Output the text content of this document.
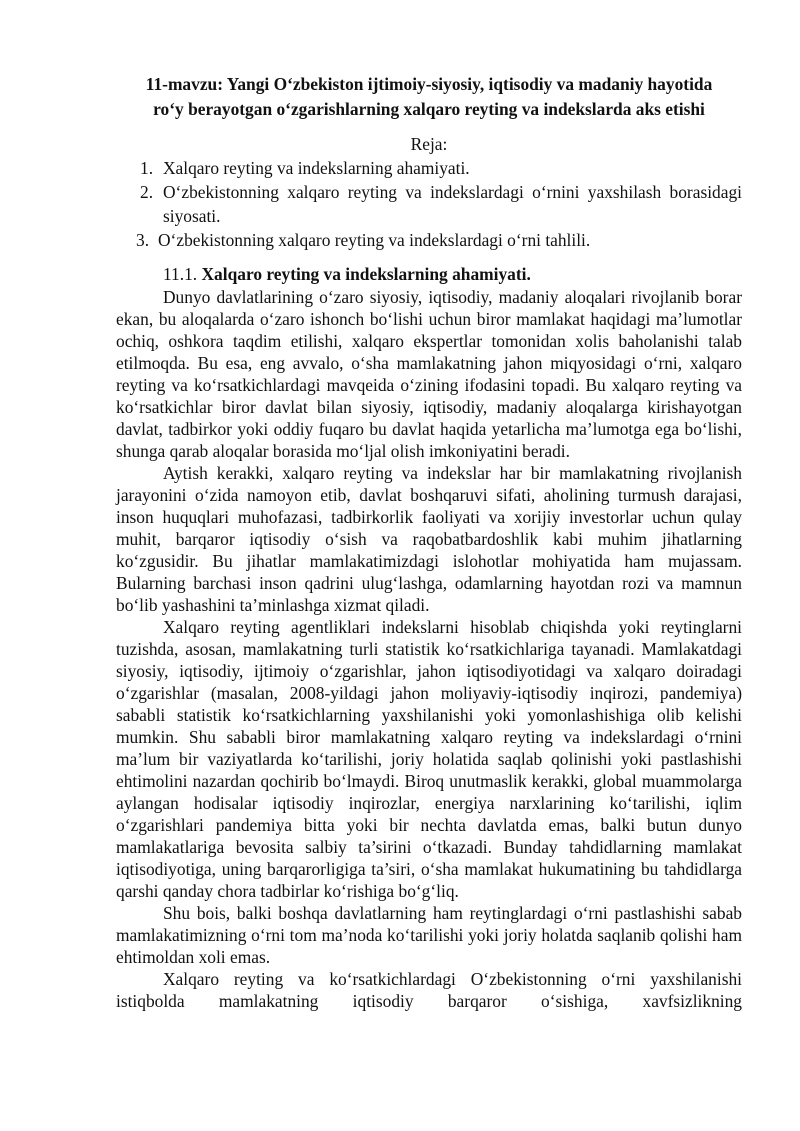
11-mavzu: Yangi O‘zbekiston ijtimoiy-siyosiy, iqtisodiy va madaniy hayotida
ro‘y berayotgan o‘zgarishlarning xalqaro reyting va indekslarda aks etishi
Reja:
1. Xalqaro reyting va indekslarning ahamiyati.
2. O‘zbekistonning xalqaro reyting va indekslardagi o‘rnini yaxshilash borasidagi siyosati.
3. O‘zbekistonning xalqaro reyting va indekslardagi o‘rni tahlili.
11.1. Xalqaro reyting va indekslarning ahamiyati.

Dunyo davlatlarining o‘zaro siyosiy, iqtisodiy, madaniy aloqalari rivojlanib borar ekan, bu aloqalarda o‘zaro ishonch bo‘lishi uchun biror mamlakat haqidagi ma’lumotlar ochiq, oshkora taqdim etilishi, xalqaro ekspertlar tomonidan xolis baholanishi talab etilmoqda. Bu esa, eng avvalo, o‘sha mamlakatning jahon miqyosidagi o‘rni, xalqaro reyting va ko‘rsatkichlardagi mavqeida o‘zining ifodasini topadi. Bu xalqaro reyting va ko‘rsatkichlar biror davlat bilan siyosiy, iqtisodiy, madaniy aloqalarga kirishayotgan davlat, tadbirkor yoki oddiy fuqaro bu davlat haqida yetarlicha ma’lumotga ega bo‘lishi, shunga qarab aloqalar borasida mo‘ljal olish imkoniyatini beradi.

Aytish kerakki, xalqaro reyting va indekslar har bir mamlakatning rivojlanish jarayonini o‘zida namoyon etib, davlat boshqaruvi sifati, aholining turmush darajasi, inson huquqlari muhofazasi, tadbirkorlik faoliyati va xorijiy investorlar uchun qulay muhit, barqaror iqtisodiy o‘sish va raqobatbardoshlik kabi muhim jihatlarning ko‘zgusidir. Bu jihatlar mamlakatimizdagi islohotlar mohiyatida ham mujassam. Bularning barchasi inson qadrini ulug‘lashga, odamlarning hayotdan rozi va mamnun bo‘lib yashashini ta’minlashga xizmat qiladi.

Xalqaro reyting agentliklari indekslarni hisoblab chiqishda yoki reytinglarni tuzishda, asosan, mamlakatning turli statistik ko‘rsatkichlariga tayanadi. Mamlakatdagi siyosiy, iqtisodiy, ijtimoiy o‘zgarishlar, jahon iqtisodiyotidagi va xalqaro doiradagi o‘zgarishlar (masalan, 2008-yildagi jahon moliyaviy-iqtisodiy inqirozi, pandemiya) sababli statistik ko‘rsatkichlarning yaxshilanishi yoki yomonlashishiga olib kelishi mumkin. Shu sababli biror mamlakatning xalqaro reyting va indekslardagi o‘rnini ma’lum bir vaziyatlarda ko‘tarilishi, joriy holatida saqlab qolinishi yoki pastlashishi ehtimolini nazardan qochirib bo‘lmaydi. Biroq unutmaslik kerakki, global muammolarga aylangan hodisalar iqtisodiy inqirozlar, energiya narxlarining ko‘tarilishi, iqlim o‘zgarishlari pandemiya bitta yoki bir nechta davlatda emas, balki butun dunyo mamlakatlariga bevosita salbiy ta’sirini o‘tkazadi. Bunday tahdidlarning mamlakat iqtisodiyotiga, uning barqarorligiga ta’siri, o‘sha mamlakat hukumatining bu tahdidlarga qarshi qanday chora tadbirlar ko‘rishiga bo‘g‘liq.

Shu bois, balki boshqa davlatlarning ham reytinglardagi o‘rni pastlashishi sabab mamlakatimizning o‘rni tom ma’noda ko‘tarilishi yoki joriy holatda saqlanib qolishi ham ehtimoldan xoli emas.

Xalqaro reyting va ko‘rsatkichlardagi O‘zbekistonning o‘rni yaxshilanishi istiqbolda mamlakatning iqtisodiy barqaror o‘sishiga, xavfsizlikning
